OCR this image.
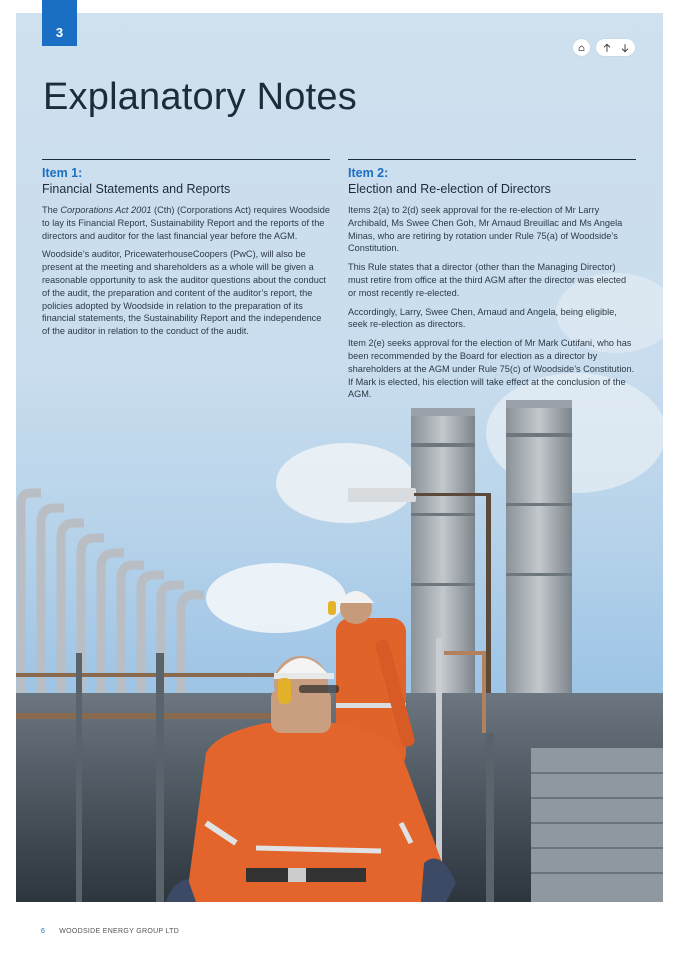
3
Explanatory Notes

Item 1:

Financial Statements and Reports

The Corporations Act 2001 (Cth) (Corporations Act) requires Woodside to lay its Financial Report, Sustainability Report and the reports of the directors and auditor for the last financial year before the AGM.

Woodside’s auditor, PricewaterhouseCoopers (PwC), will also be present at the meeting and shareholders as a whole will be given a reasonable opportunity to ask the auditor questions about the conduct of the audit, the preparation and content of the auditor’s report, the policies adopted by Woodside in relation to the preparation of its financial statements, the Sustainability Report and the independence of the auditor in relation to the conduct of the audit.

Item 2:

Election and Re-election of Directors

Items 2(a) to 2(d) seek approval for the re-election of Mr Larry Archibald, Ms Swee Chen Goh, Mr Arnaud Breuillac and Ms Angela Minas, who are retiring by rotation under Rule 75(a) of Woodside’s Constitution.

This Rule states that a director (other than the Managing Director) must retire from office at the third AGM after the director was elected or most recently re-elected.

Accordingly, Larry, Swee Chen, Arnaud and Angela, being eligible, seek re-election as directors.

Item 2(e) seeks approval for the election of Mr Mark Cutifani, who has been recommended by the Board for election as a director by shareholders at the AGM under Rule 75(c) of Woodside’s Constitution. If Mark is elected, his election will take effect at the conclusion of the AGM.

6 WOODSIDE ENERGY GROUP LTD
